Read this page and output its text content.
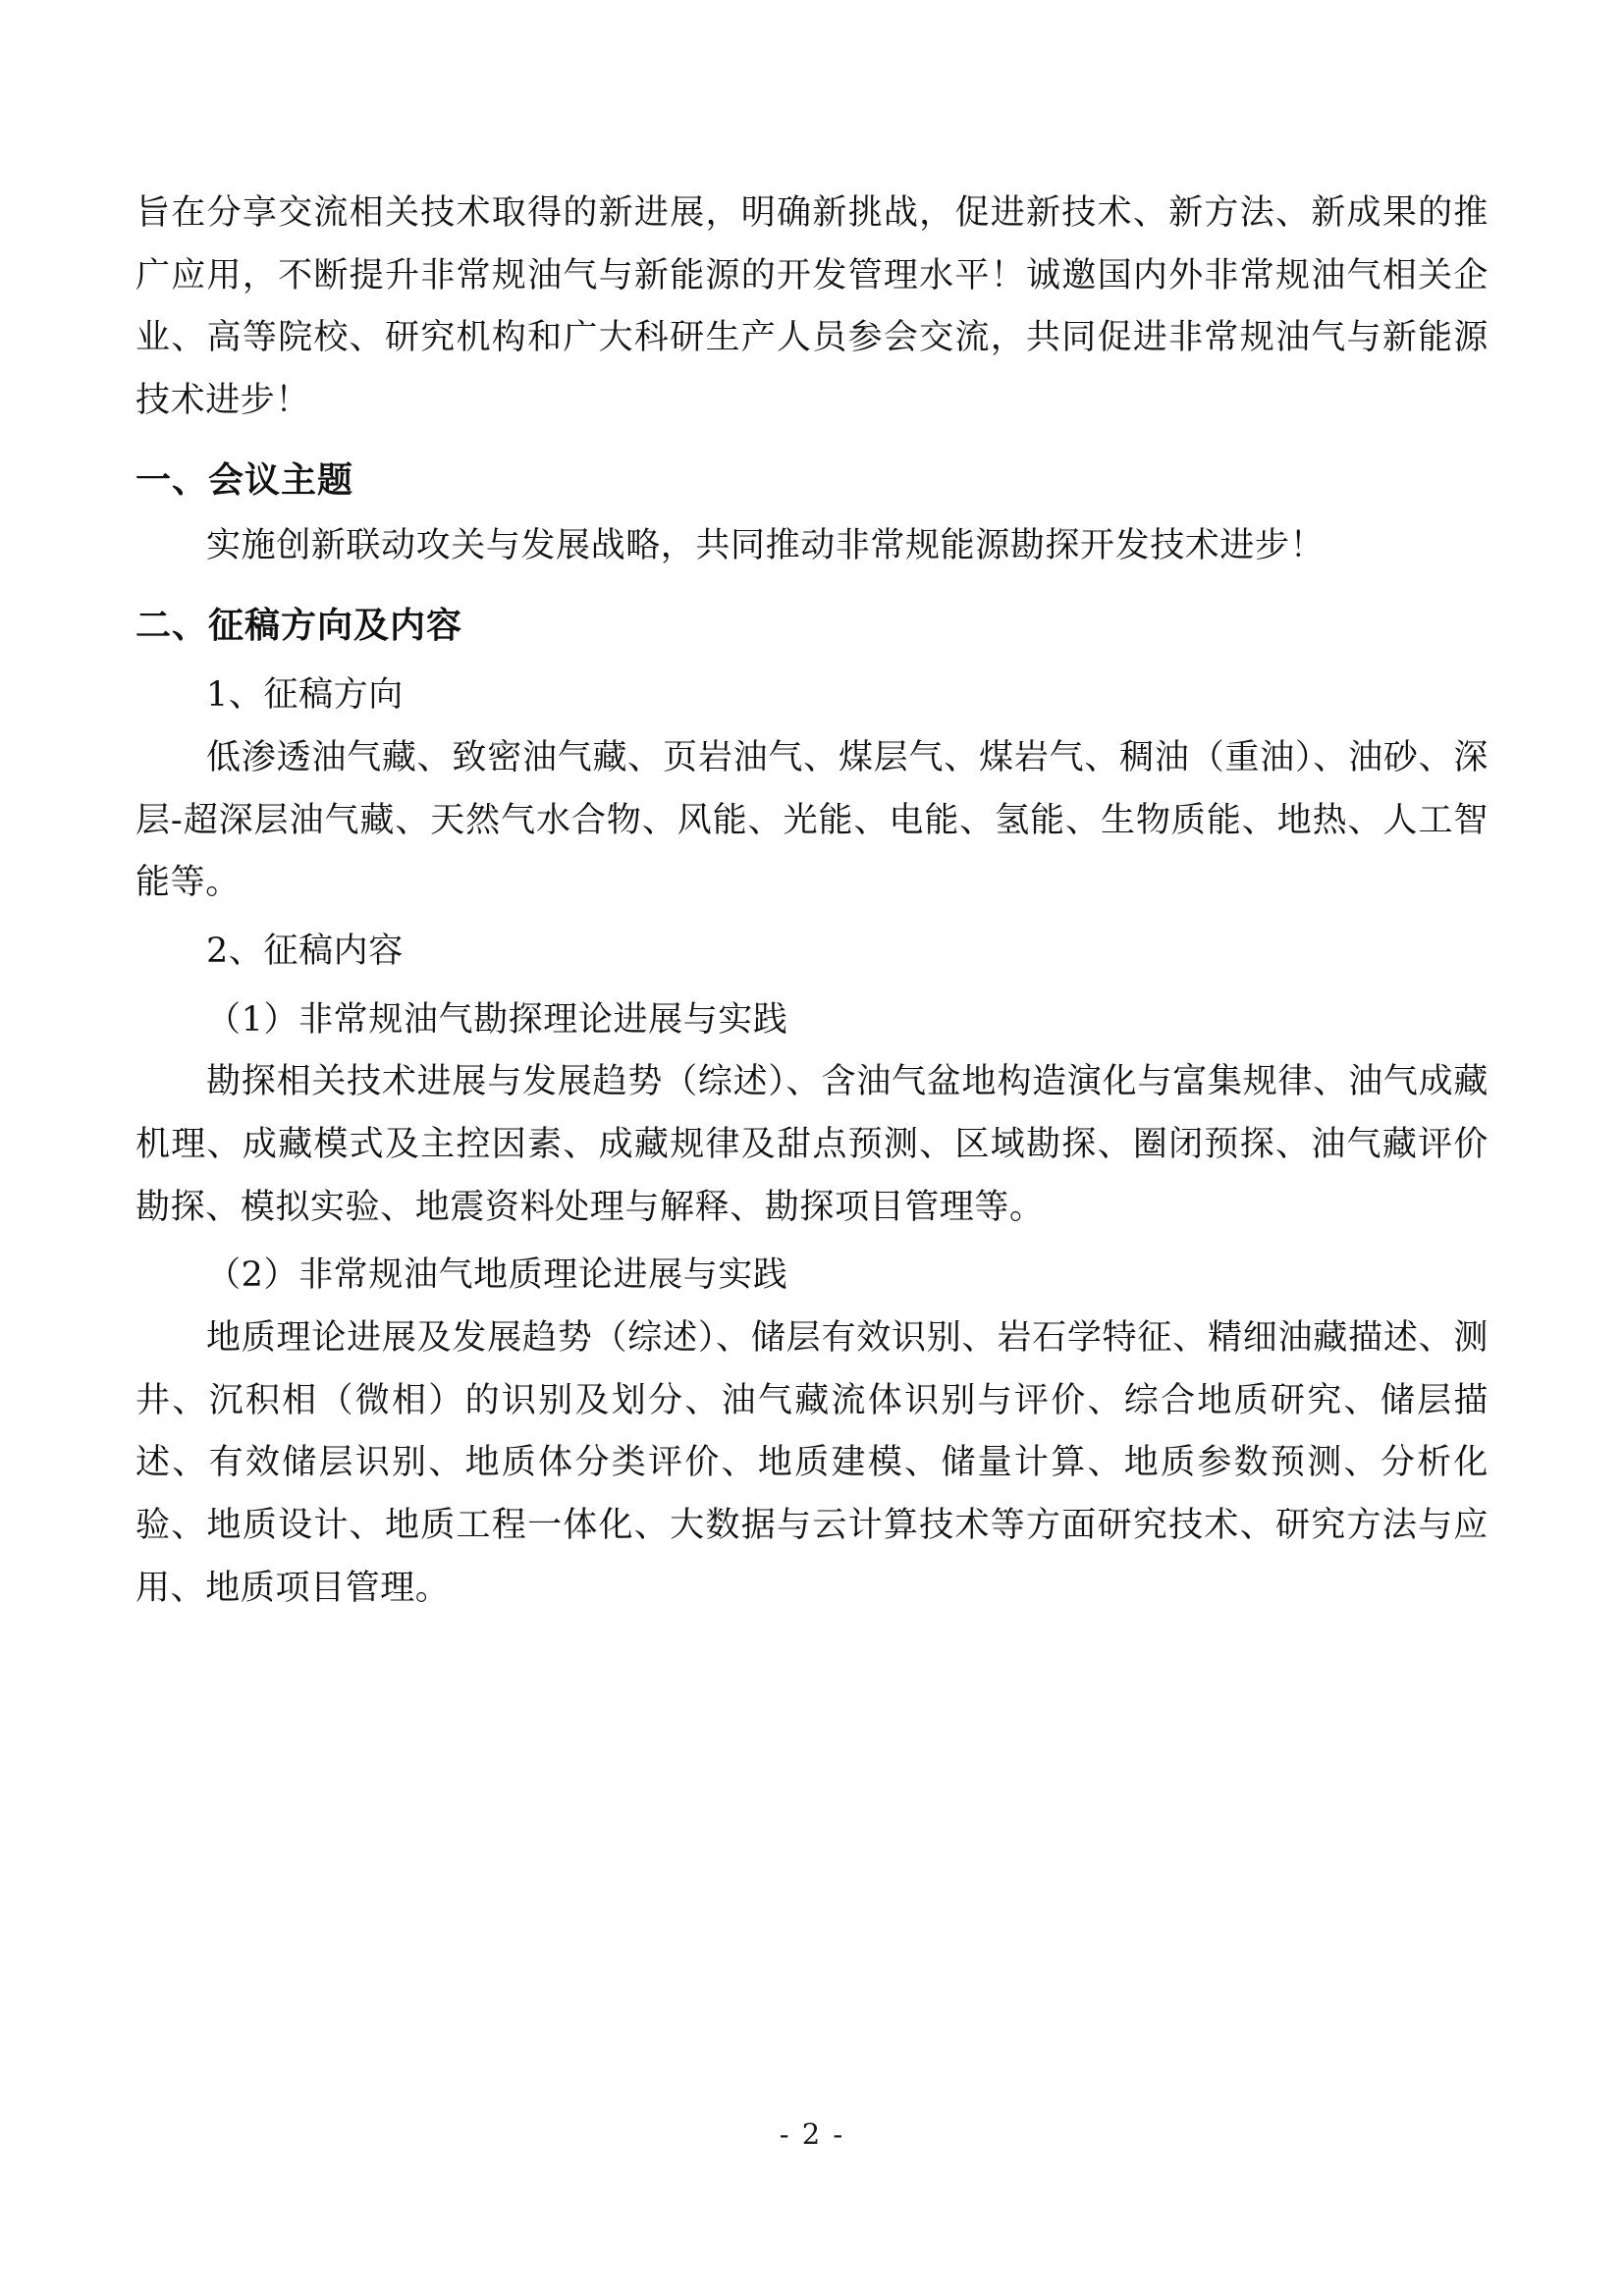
旨在分享交流相关技术取得的新进展，明确新挑战，促进新技术、新方法、新成果的推广应用，不断提升非常规油气与新能源的开发管理水平！诚邀国内外非常规油气相关企业、高等院校、研究机构和广大科研生产人员参会交流，共同促进非常规油气与新能源技术进步！

一、会议主题

实施创新联动攻关与发展战略，共同推动非常规能源勘探开发技术进步！

二、征稿方向及内容

1、征稿方向

低渗透油气藏、致密油气藏、页岩油气、煤层气、煤岩气、稠油（重油）、油砂、深层-超深层油气藏、天然气水合物、风能、光能、电能、氢能、生物质能、地热、人工智能等。

2、征稿内容

（1）非常规油气勘探理论进展与实践

勘探相关技术进展与发展趋势（综述）、含油气盆地构造演化与富集规律、油气成藏机理、成藏模式及主控因素、成藏规律及甜点预测、区域勘探、圈闭预探、油气藏评价勘探、模拟实验、地震资料处理与解释、勘探项目管理等。

（2）非常规油气地质理论进展与实践

地质理论进展及发展趋势（综述）、储层有效识别、岩石学特征、精细油藏描述、测井、沉积相（微相）的识别及划分、油气藏流体识别与评价、综合地质研究、储层描述、有效储层识别、地质体分类评价、地质建模、储量计算、地质参数预测、分析化验、地质设计、地质工程一体化、大数据与云计算技术等方面研究技术、研究方法与应用、地质项目管理。

- 2 -
